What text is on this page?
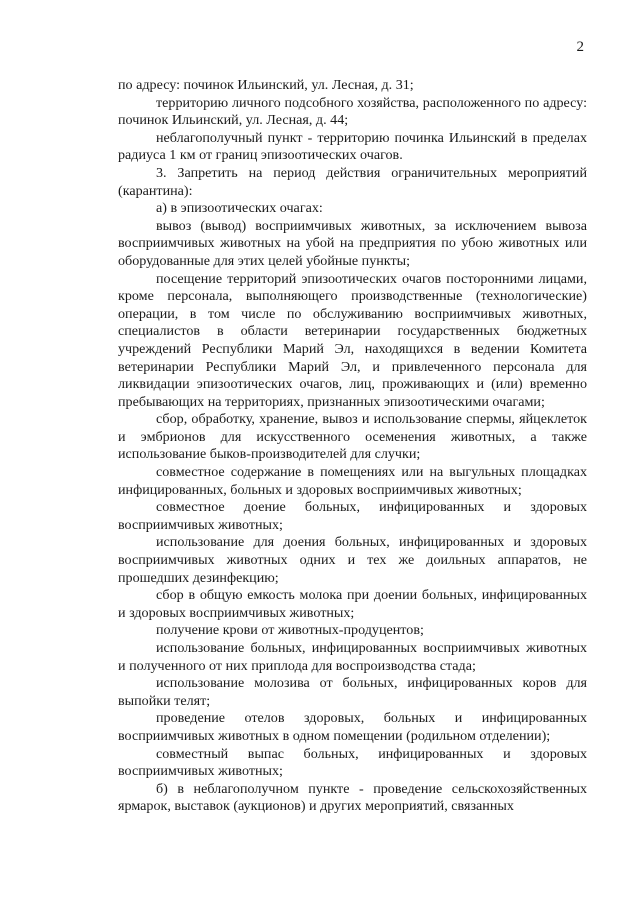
2

по адресу: починок Ильинский, ул. Лесная, д. 31;

территорию личного подсобного хозяйства, расположенного по адресу: починок Ильинский, ул. Лесная, д. 44;

неблагополучный пункт - территорию починка Ильинский в пределах радиуса 1 км от границ эпизоотических очагов.

3. Запретить на период действия ограничительных мероприятий (карантина):

а) в эпизоотических очагах:

вывоз (вывод) восприимчивых животных, за исключением вывоза восприимчивых животных на убой на предприятия по убою животных или оборудованные для этих целей убойные пункты;

посещение территорий эпизоотических очагов посторонними лицами, кроме персонала, выполняющего производственные (технологические) операции, в том числе по обслуживанию восприимчивых животных, специалистов в области ветеринарии государственных бюджетных учреждений Республики Марий Эл, находящихся в ведении Комитета ветеринарии Республики Марий Эл, и привлеченного персонала для ликвидации эпизоотических очагов, лиц, проживающих и (или) временно пребывающих на территориях, признанных эпизоотическими очагами;

сбор, обработку, хранение, вывоз и использование спермы, яйцеклеток и эмбрионов для искусственного осеменения животных, а также использование быков-производителей для случки;

совместное содержание в помещениях или на выгульных площадках инфицированных, больных и здоровых восприимчивых животных;

совместное доение больных, инфицированных и здоровых восприимчивых животных;

использование для доения больных, инфицированных и здоровых восприимчивых животных одних и тех же доильных аппаратов, не прошедших дезинфекцию;

сбор в общую емкость молока при доении больных, инфицированных и здоровых восприимчивых животных;

получение крови от животных-продуцентов;

использование больных, инфицированных восприимчивых животных и полученного от них приплода для воспроизводства стада;

использование молозива от больных, инфицированных коров для выпойки телят;

проведение отелов здоровых, больных и инфицированных восприимчивых животных в одном помещении (родильном отделении);

совместный выпас больных, инфицированных и здоровых восприимчивых животных;

б) в неблагополучном пункте - проведение сельскохозяйственных ярмарок, выставок (аукционов) и других мероприятий, связанных
